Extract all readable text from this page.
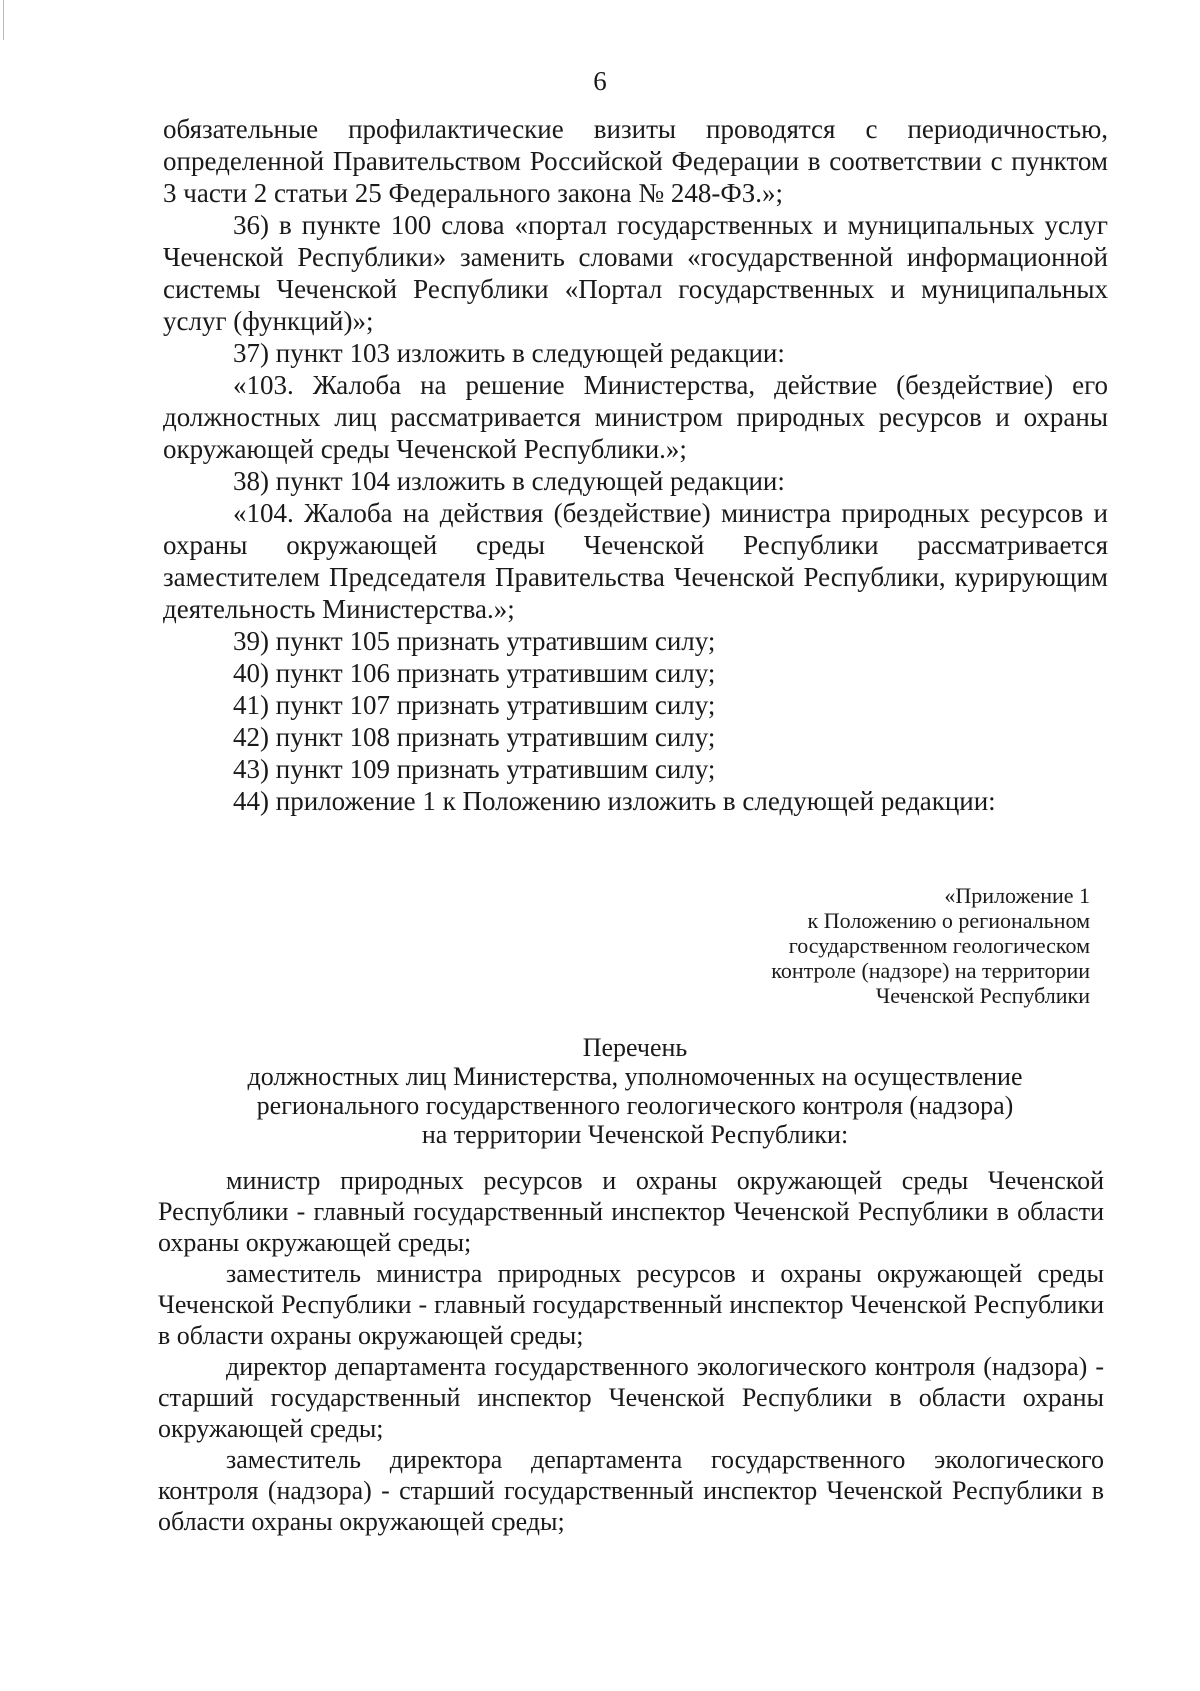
6

обязательные профилактические визиты проводятся с периодичностью, определенной Правительством Российской Федерации в соответствии с пунктом 3 части 2 статьи 25 Федерального закона № 248-ФЗ.»;

36) в пункте 100 слова «портал государственных и муниципальных услуг Чеченской Республики» заменить словами «государственной информационной системы Чеченской Республики «Портал государственных и муниципальных услуг (функций)»;

37) пункт 103 изложить в следующей редакции:

«103. Жалоба на решение Министерства, действие (бездействие) его должностных лиц рассматривается министром природных ресурсов и охраны окружающей среды Чеченской Республики.»;

38) пункт 104 изложить в следующей редакции:

«104. Жалоба на действия (бездействие) министра природных ресурсов и охраны окружающей среды Чеченской Республики рассматривается заместителем Председателя Правительства Чеченской Республики, курирующим деятельность Министерства.»;

39) пункт 105 признать утратившим силу;

40) пункт 106 признать утратившим силу;

41) пункт 107 признать утратившим силу;

42) пункт 108 признать утратившим силу;

43) пункт 109 признать утратившим силу;

44) приложение 1 к Положению изложить в следующей редакции:

«Приложение 1
к Положению о региональном
государственном геологическом
контроле (надзоре) на территории
Чеченской Республики
Перечень
должностных лиц Министерства, уполномоченных на осуществление
регионального государственного геологического контроля (надзора)
на территории Чеченской Республики:

министр природных ресурсов и охраны окружающей среды Чеченской Республики - главный государственный инспектор Чеченской Республики в области охраны окружающей среды;

заместитель министра природных ресурсов и охраны окружающей среды Чеченской Республики - главный государственный инспектор Чеченской Республики в области охраны окружающей среды;

директор департамента государственного экологического контроля (надзора) - старший государственный инспектор Чеченской Республики в области охраны окружающей среды;

заместитель директора департамента государственного экологического контроля (надзора) - старший государственный инспектор Чеченской Республики в области охраны окружающей среды;
